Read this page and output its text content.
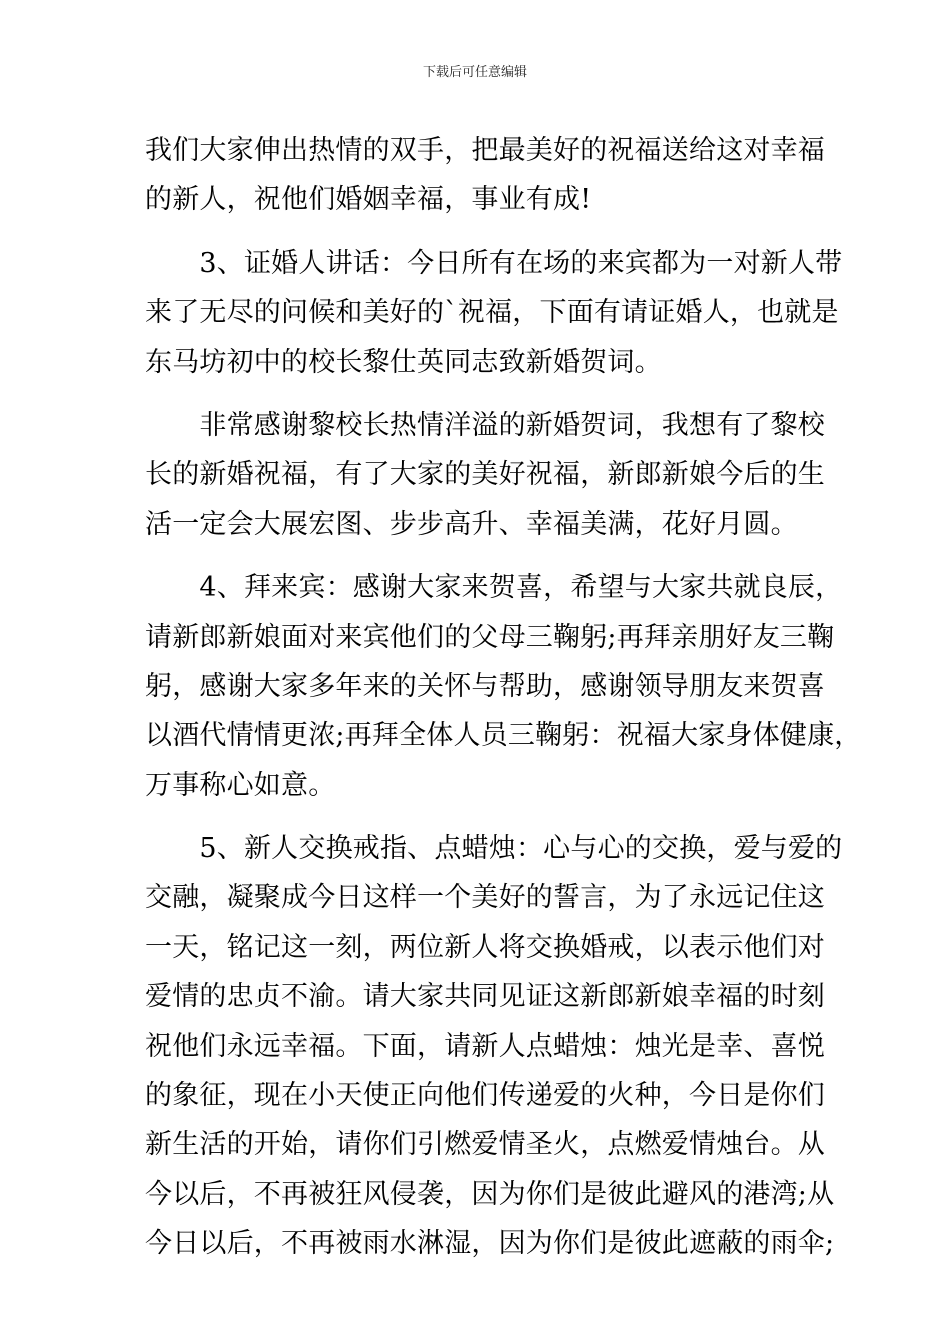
下载后可任意编辑
我们大家伸出热情的双手，把最美好的祝福送给这对幸福
的新人，祝他们婚姻幸福，事业有成!
　　3、证婚人讲话：今日所有在场的来宾都为一对新人带
来了无尽的问候和美好的`祝福，下面有请证婚人，也就是
东马坊初中的校长黎仕英同志致新婚贺词。
　　非常感谢黎校长热情洋溢的新婚贺词，我想有了黎校
长的新婚祝福，有了大家的美好祝福，新郎新娘今后的生
活一定会大展宏图、步步高升、幸福美满，花好月圆。
　　4、拜来宾：感谢大家来贺喜，希望与大家共就良辰，
请新郎新娘面对来宾他们的父母三鞠躬;再拜亲朋好友三鞠
躬，感谢大家多年来的关怀与帮助，感谢领导朋友来贺喜
以酒代情情更浓;再拜全体人员三鞠躬：祝福大家身体健康，
万事称心如意。
　　5、新人交换戒指、点蜡烛：心与心的交换，爱与爱的
交融，凝聚成今日这样一个美好的誓言，为了永远记住这
一天，铭记这一刻，两位新人将交换婚戒，以表示他们对
爱情的忠贞不渝。请大家共同见证这新郎新娘幸福的时刻
祝他们永远幸福。下面，请新人点蜡烛：烛光是幸、喜悦
的象征，现在小天使正向他们传递爱的火种，今日是你们
新生活的开始，请你们引燃爱情圣火，点燃爱情烛台。从
今以后，不再被狂风侵袭，因为你们是彼此避风的港湾;从
今日以后，不再被雨水淋湿，因为你们是彼此遮蔽的雨伞;
